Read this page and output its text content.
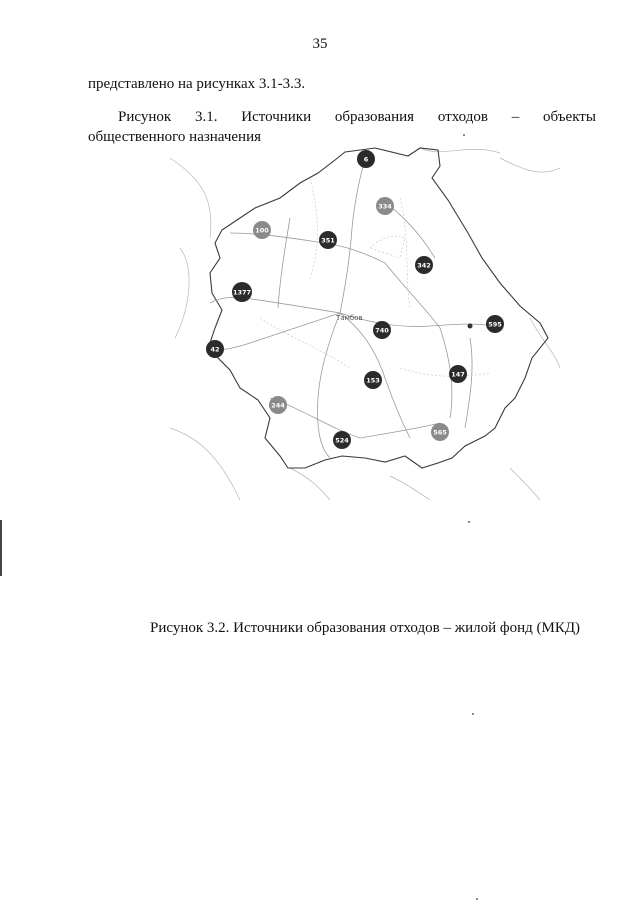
35
представлено на рисунках 3.1-3.3.
Рисунок 3.1. Источники образования отходов – объекты
общественного назначения
Тамбов
6
334
100
351
342
1377
740
595
42
153
147
244
524
565
Рисунок 3.2. Источники образования отходов – жилой фонд (МКД)
